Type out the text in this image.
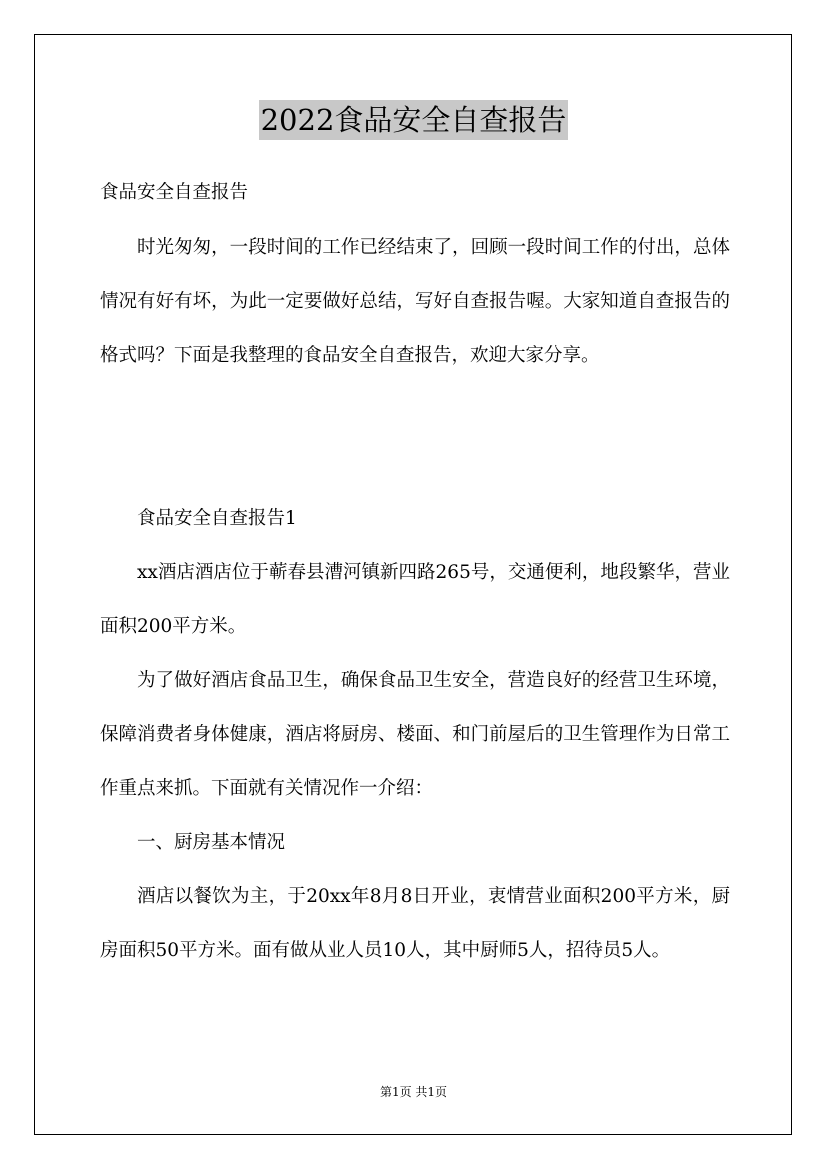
2022食品安全自查报告

食品安全自查报告

时光匆匆，一段时间的工作已经结束了，回顾一段时间工作的付出，总体情况有好有坏，为此一定要做好总结，写好自查报告喔。大家知道自查报告的格式吗？下面是我整理的食品安全自查报告，欢迎大家分享。

食品安全自查报告1

xx酒店酒店位于蕲春县漕河镇新四路265号，交通便利，地段繁华，营业面积200平方米。

为了做好酒店食品卫生，确保食品卫生安全，营造良好的经营卫生环境，保障消费者身体健康，酒店将厨房、楼面、和门前屋后的卫生管理作为日常工作重点来抓。下面就有关情况作一介绍：

一、厨房基本情况

酒店以餐饮为主，于20xx年8月8日开业，衷情营业面积200平方米，厨房面积50平方米。面有做从业人员10人，其中厨师5人，招待员5人。

第1页 共1页
